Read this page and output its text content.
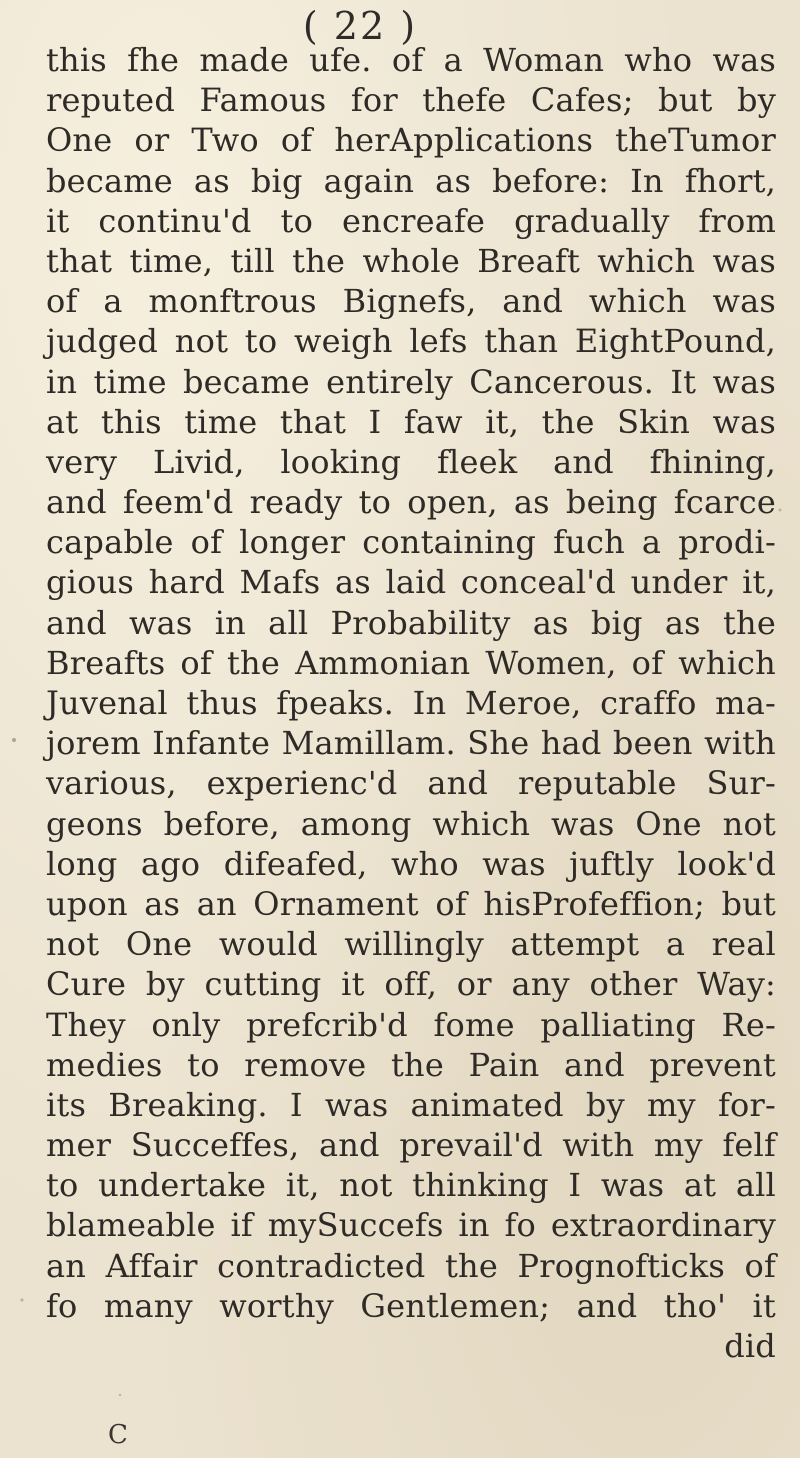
( 22 )
this fhe made ufe. of a Woman who was
reputed Famous for thefe Cafes; but by
One or Two of herApplications theTumor
became as big again as before: In fhort,
it continu'd to encreafe gradually from
that time, till the whole Breaft which was
of a monftrous Bignefs, and which was
judged not to weigh lefs than EightPound,
in time became entirely Cancerous. It was
at this time that I faw it, the Skin was
very Livid, looking fleek and fhining,
and feem'd ready to open, as being fcarce
capable of longer containing fuch a prodi-
gious hard Mafs as laid conceal'd under it,
and was in all Probability as big as the
Breafts of the Ammonian Women, of which
Juvenal thus fpeaks. In Meroe, craffo ma-
jorem Infante Mamillam. She had been with
various, experienc'd and reputable Sur-
geons before, among which was One not
long ago difeafed, who was juftly look'd
upon as an Ornament of hisProfeffion; but
not One would willingly attempt a real
Cure by cutting it off, or any other Way:
They only prefcrib'd fome palliating Re-
medies to remove the Pain and prevent
its Breaking. I was animated by my for-
mer Succeffes, and prevail'd with my felf
to undertake it, not thinking I was at all
blameable if mySuccefs in fo extraordinary
an Affair contradicted the Prognofticks of
fo many worthy Gentlemen; and tho' it
did
C
